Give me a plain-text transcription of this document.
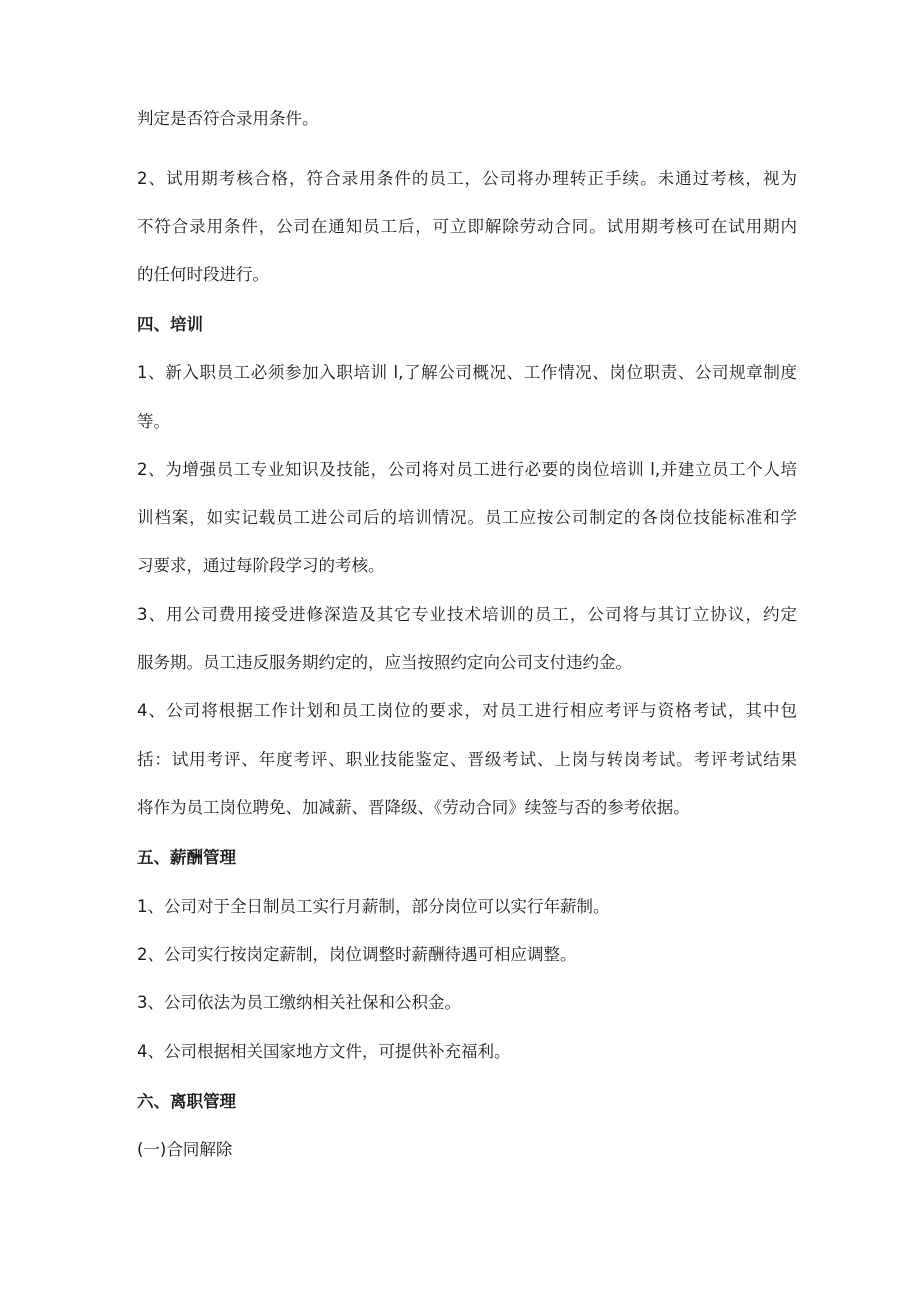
判定是否符合录用条件。
2、试用期考核合格，符合录用条件的员工，公司将办理转正手续。未通过考核，视为
不符合录用条件，公司在通知员工后，可立即解除劳动合同。试用期考核可在试用期内
的任何时段进行。
四、培训
1、新入职员工必须参加入职培训 l,了解公司概况、工作情况、岗位职责、公司规章制度
等。
2、为增强员工专业知识及技能，公司将对员工进行必要的岗位培训 l,并建立员工个人培
训档案，如实记载员工进公司后的培训情况。员工应按公司制定的各岗位技能标准和学
习要求，通过每阶段学习的考核。
3、用公司费用接受进修深造及其它专业技术培训的员工，公司将与其订立协议，约定
服务期。员工违反服务期约定的，应当按照约定向公司支付违约金。
4、公司将根据工作计划和员工岗位的要求，对员工进行相应考评与资格考试，其中包
括：试用考评、年度考评、职业技能鉴定、晋级考试、上岗与转岗考试。考评考试结果
将作为员工岗位聘免、加减薪、晋降级、《劳动合同》续签与否的参考依据。
五、薪酬管理
1、公司对于全日制员工实行月薪制，部分岗位可以实行年薪制。
2、公司实行按岗定薪制，岗位调整时薪酬待遇可相应调整。
3、公司依法为员工缴纳相关社保和公积金。
4、公司根据相关国家地方文件，可提供补充福利。
六、离职管理
(一)合同解除
